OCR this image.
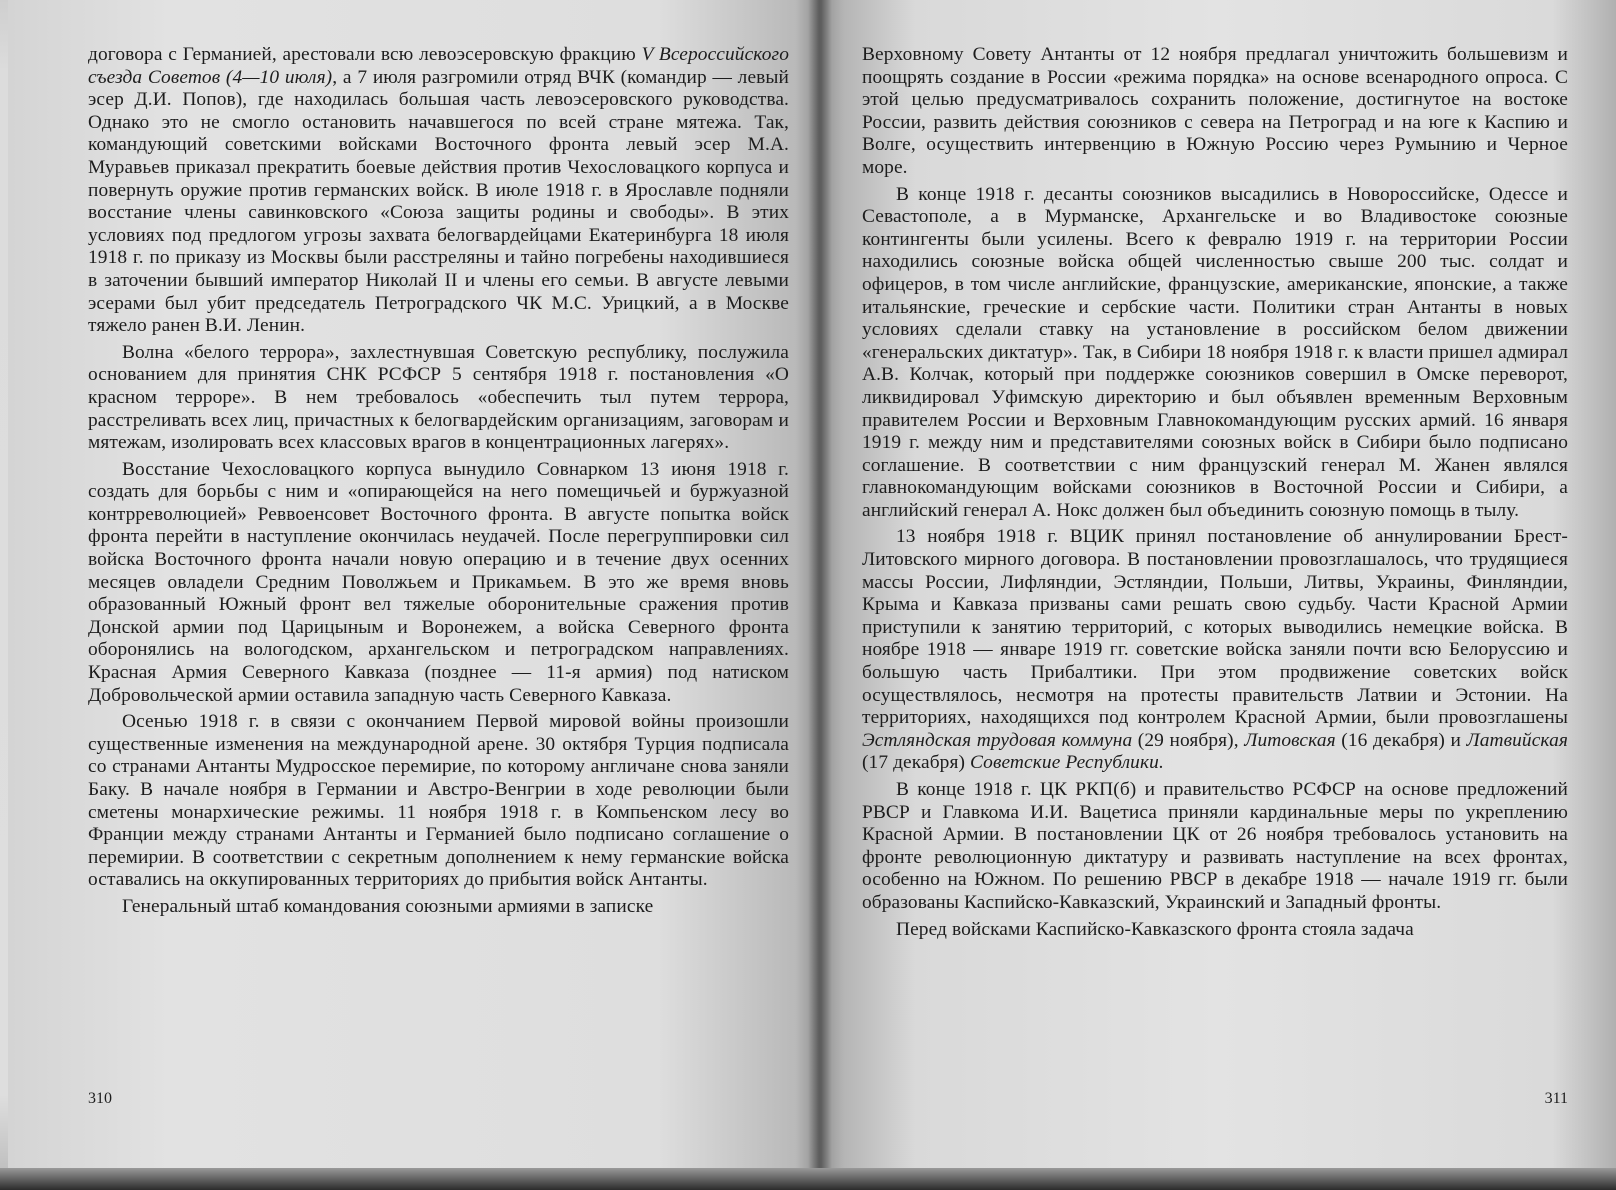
договора с Германией, арестовали всю левоэсеровскую фракцию V Всероссийского съезда Советов (4—10 июля), а 7 июля разгромили отряд ВЧК (командир — левый эсер Д.И. Попов), где находилась большая часть левоэсеровского руководства. Однако это не смогло остановить начавшегося по всей стране мятежа. Так, командующий советскими войсками Восточного фронта левый эсер М.А. Муравьев приказал прекратить боевые действия против Чехословацкого корпуса и повернуть оружие против германских войск. В июле 1918 г. в Ярославле подняли восстание члены савинковского «Союза защиты родины и свободы». В этих условиях под предлогом угрозы захвата белогвардейцами Екатеринбурга 18 июля 1918 г. по приказу из Москвы были расстреляны и тайно погребены находившиеся в заточении бывший император Николай II и члены его семьи. В августе левыми эсерами был убит председатель Петроградского ЧК М.С. Урицкий, а в Москве тяжело ранен В.И. Ленин.

Волна «белого террора», захлестнувшая Советскую республику, послужила основанием для принятия СНК РСФСР 5 сентября 1918 г. постановления «О красном терроре». В нем требовалось «обеспечить тыл путем террора, расстреливать всех лиц, причастных к белогвардейским организациям, заговорам и мятежам, изолировать всех классовых врагов в концентрационных лагерях».

Восстание Чехословацкого корпуса вынудило Совнарком 13 июня 1918 г. создать для борьбы с ним и «опирающейся на него помещичьей и буржуазной контрреволюцией» Реввоенсовет Восточного фронта. В августе попытка войск фронта перейти в наступление окончилась неудачей. После перегруппировки сил войска Восточного фронта начали новую операцию и в течение двух осенних месяцев овладели Средним Поволжьем и Прикамьем. В это же время вновь образованный Южный фронт вел тяжелые оборонительные сражения против Донской армии под Царицыным и Воронежем, а войска Северного фронта оборонялись на вологодском, архангельском и петроградском направлениях. Красная Армия Северного Кавказа (позднее — 11-я армия) под натиском Добровольческой армии оставила западную часть Северного Кавказа.

Осенью 1918 г. в связи с окончанием Первой мировой войны произошли существенные изменения на международной арене. 30 октября Турция подписала со странами Антанты Мудросское перемирие, по которому англичане снова заняли Баку. В начале ноября в Германии и Австро-Венгрии в ходе революции были сметены монархические режимы. 11 ноября 1918 г. в Компьенском лесу во Франции между странами Антанты и Германией было подписано соглашение о перемирии. В соответствии с секретным дополнением к нему германские войска оставались на оккупированных территориях до прибытия войск Антанты.

Генеральный штаб командования союзными армиями в записке

310

Верховному Совету Антанты от 12 ноября предлагал уничтожить большевизм и поощрять создание в России «режима порядка» на основе всенародного опроса. С этой целью предусматривалось сохранить положение, достигнутое на востоке России, развить действия союзников с севера на Петроград и на юге к Каспию и Волге, осуществить интервенцию в Южную Россию через Румынию и Черное море.

В конце 1918 г. десанты союзников высадились в Новороссийске, Одессе и Севастополе, а в Мурманске, Архангельске и во Владивостоке союзные контингенты были усилены. Всего к февралю 1919 г. на территории России находились союзные войска общей численностью свыше 200 тыс. солдат и офицеров, в том числе английские, французские, американские, японские, а также итальянские, греческие и сербские части. Политики стран Антанты в новых условиях сделали ставку на установление в российском белом движении «генеральских диктатур». Так, в Сибири 18 ноября 1918 г. к власти пришел адмирал А.В. Колчак, который при поддержке союзников совершил в Омске переворот, ликвидировал Уфимскую директорию и был объявлен временным Верховным правителем России и Верховным Главнокомандующим русских армий. 16 января 1919 г. между ним и представителями союзных войск в Сибири было подписано соглашение. В соответствии с ним французский генерал М. Жанен являлся главнокомандующим войсками союзников в Восточной России и Сибири, а английский генерал А. Нокс должен был объединить союзную помощь в тылу.

13 ноября 1918 г. ВЦИК принял постановление об аннулировании Брест-Литовского мирного договора. В постановлении провозглашалось, что трудящиеся массы России, Лифляндии, Эстляндии, Польши, Литвы, Украины, Финляндии, Крыма и Кавказа призваны сами решать свою судьбу. Части Красной Армии приступили к занятию территорий, с которых выводились немецкие войска. В ноябре 1918 — январе 1919 гг. советские войска заняли почти всю Белоруссию и большую часть Прибалтики. При этом продвижение советских войск осуществлялось, несмотря на протесты правительств Латвии и Эстонии. На территориях, находящихся под контролем Красной Армии, были провозглашены Эстляндская трудовая коммуна (29 ноября), Литовская (16 декабря) и Латвийская (17 декабря) Советские Республики.

В конце 1918 г. ЦК РКП(б) и правительство РСФСР на основе предложений РВСР и Главкома И.И. Вацетиса приняли кардинальные меры по укреплению Красной Армии. В постановлении ЦК от 26 ноября требовалось установить на фронте революционную диктатуру и развивать наступление на всех фронтах, особенно на Южном. По решению РВСР в декабре 1918 — начале 1919 гг. были образованы Каспийско-Кавказский, Украинский и Западный фронты.

Перед войсками Каспийско-Кавказского фронта стояла задача

311
